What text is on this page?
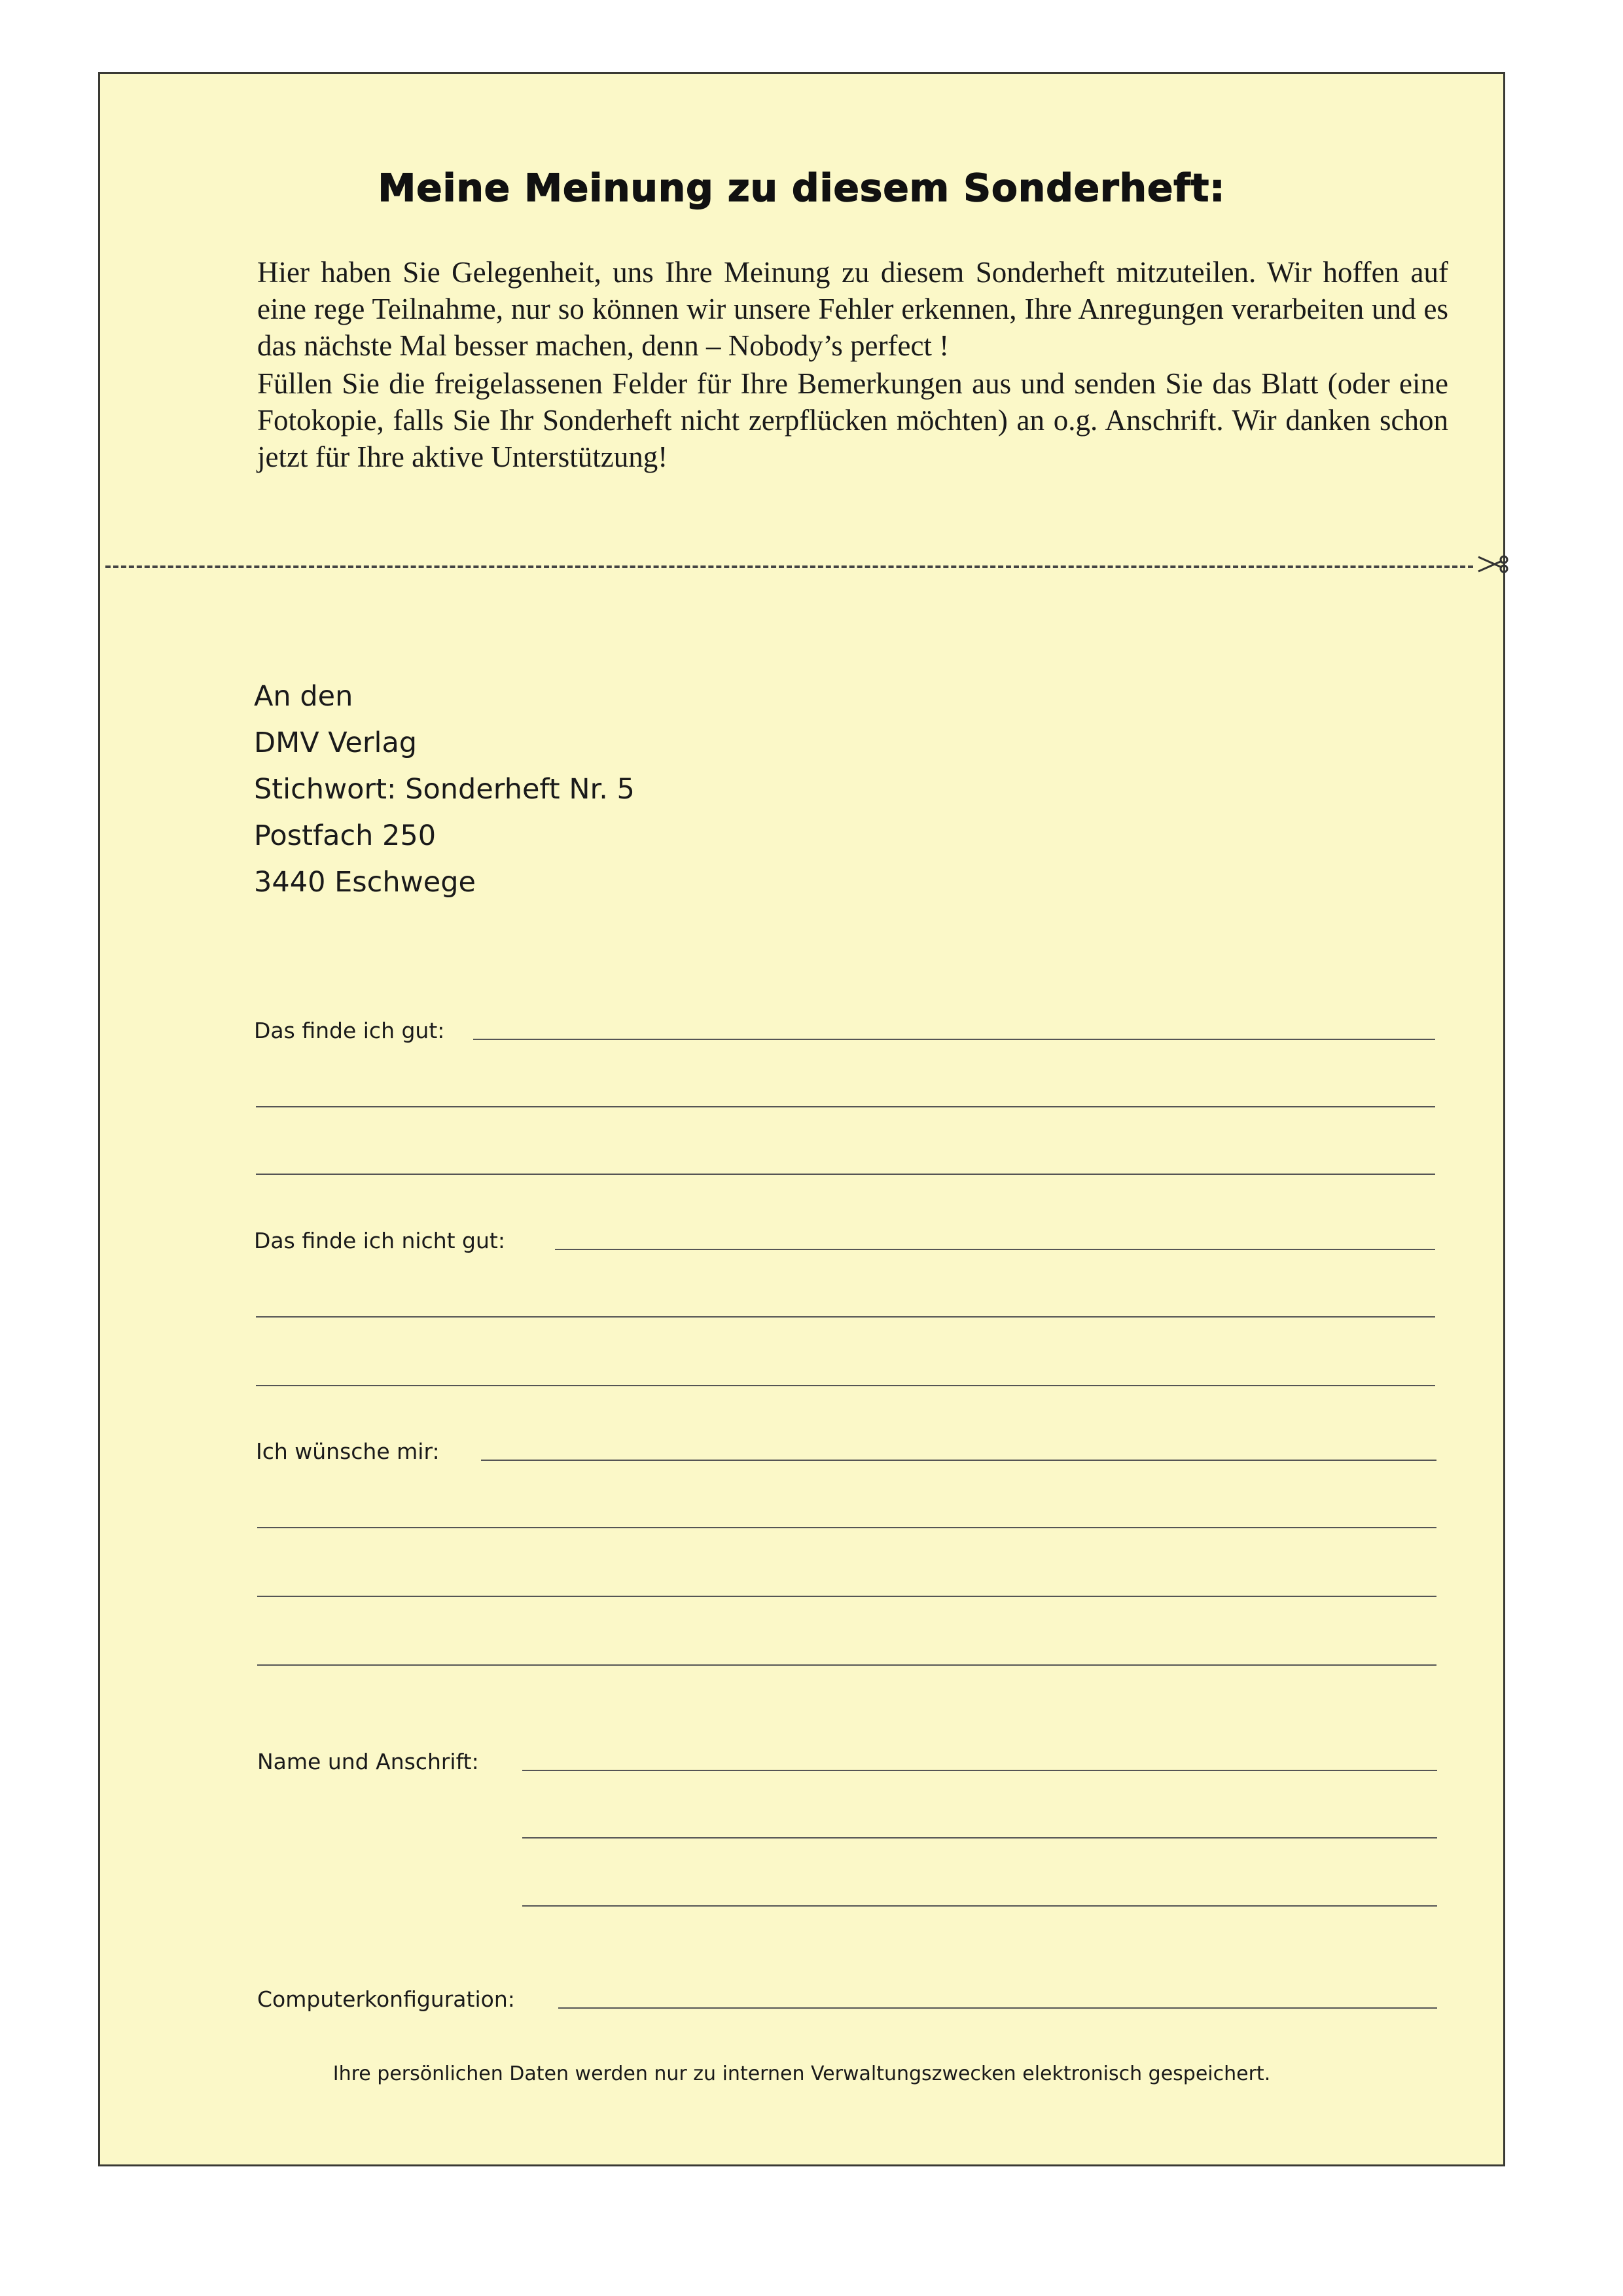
Meine Meinung zu diesem Sonderheft:
Hier haben Sie Gelegenheit, uns Ihre Meinung zu diesem Sonderheft mitzuteilen. Wir hoffen auf eine rege Teilnahme, nur so können wir unsere Fehler erkennen, Ihre Anregungen verarbeiten und es das nächste Mal besser machen, denn – Nobody’s perfect !
Füllen Sie die freigelassenen Felder für Ihre Bemerkungen aus und senden Sie das Blatt (oder eine Fotokopie, falls Sie Ihr Sonderheft nicht zerpflücken möchten) an o.g. Anschrift. Wir danken schon jetzt für Ihre aktive Unterstützung!
An den
DMV Verlag
Stichwort: Sonderheft Nr. 5
Postfach 250
3440 Eschwege
Das finde ich gut:
Das finde ich nicht gut:
Ich wünsche mir:
Name und Anschrift:
Computerkonfiguration:
Ihre persönlichen Daten werden nur zu internen Verwaltungszwecken elektronisch gespeichert.
